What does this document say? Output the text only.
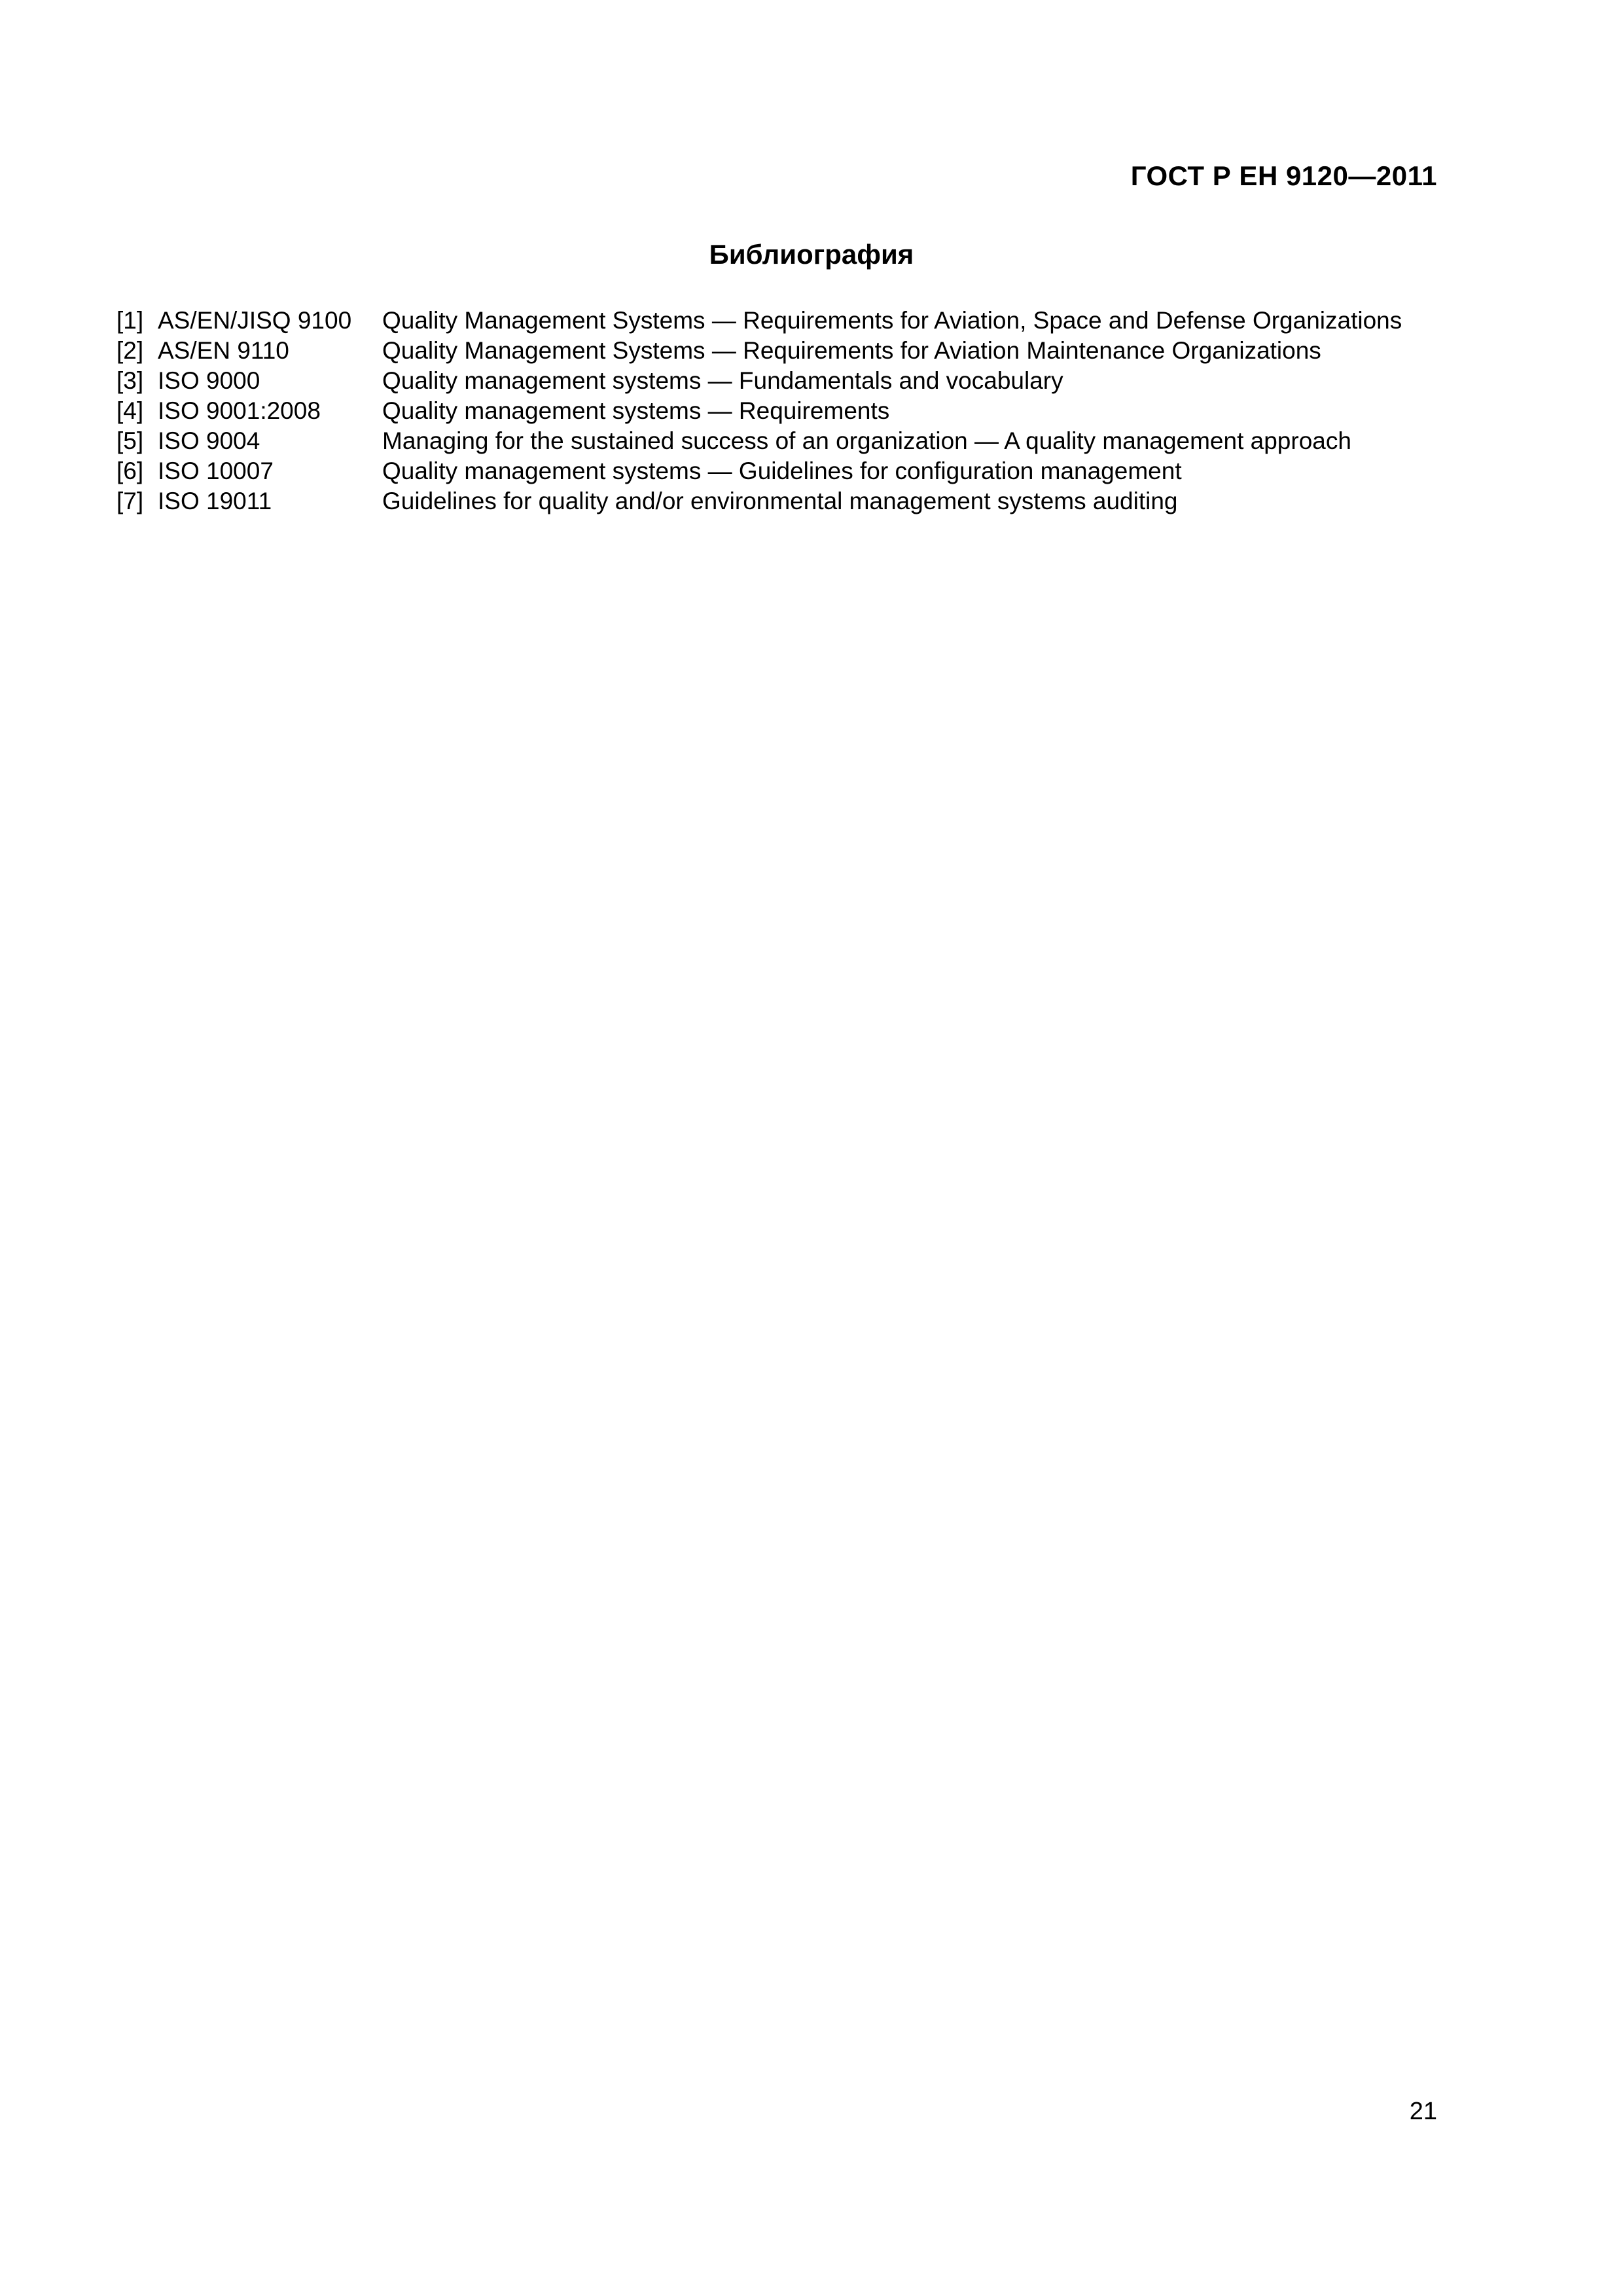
ГОСТ Р ЕН 9120—2011
Библиография
[1] AS/EN/JISQ 9100 Quality Management Systems — Requirements for Aviation, Space and Defense Organizations
[2] AS/EN 9110	Quality Management Systems — Requirements for Aviation Maintenance Organizations
[3] ISO 9000	Quality management systems — Fundamentals and vocabulary
[4] ISO 9001:2008	Quality management systems — Requirements
[5] ISO 9004	Managing for the sustained success of an organization — A quality management approach
[6] ISO 10007	Quality management systems — Guidelines for configuration management
[7] ISO 19011	Guidelines for quality and/or environmental management systems auditing
21
